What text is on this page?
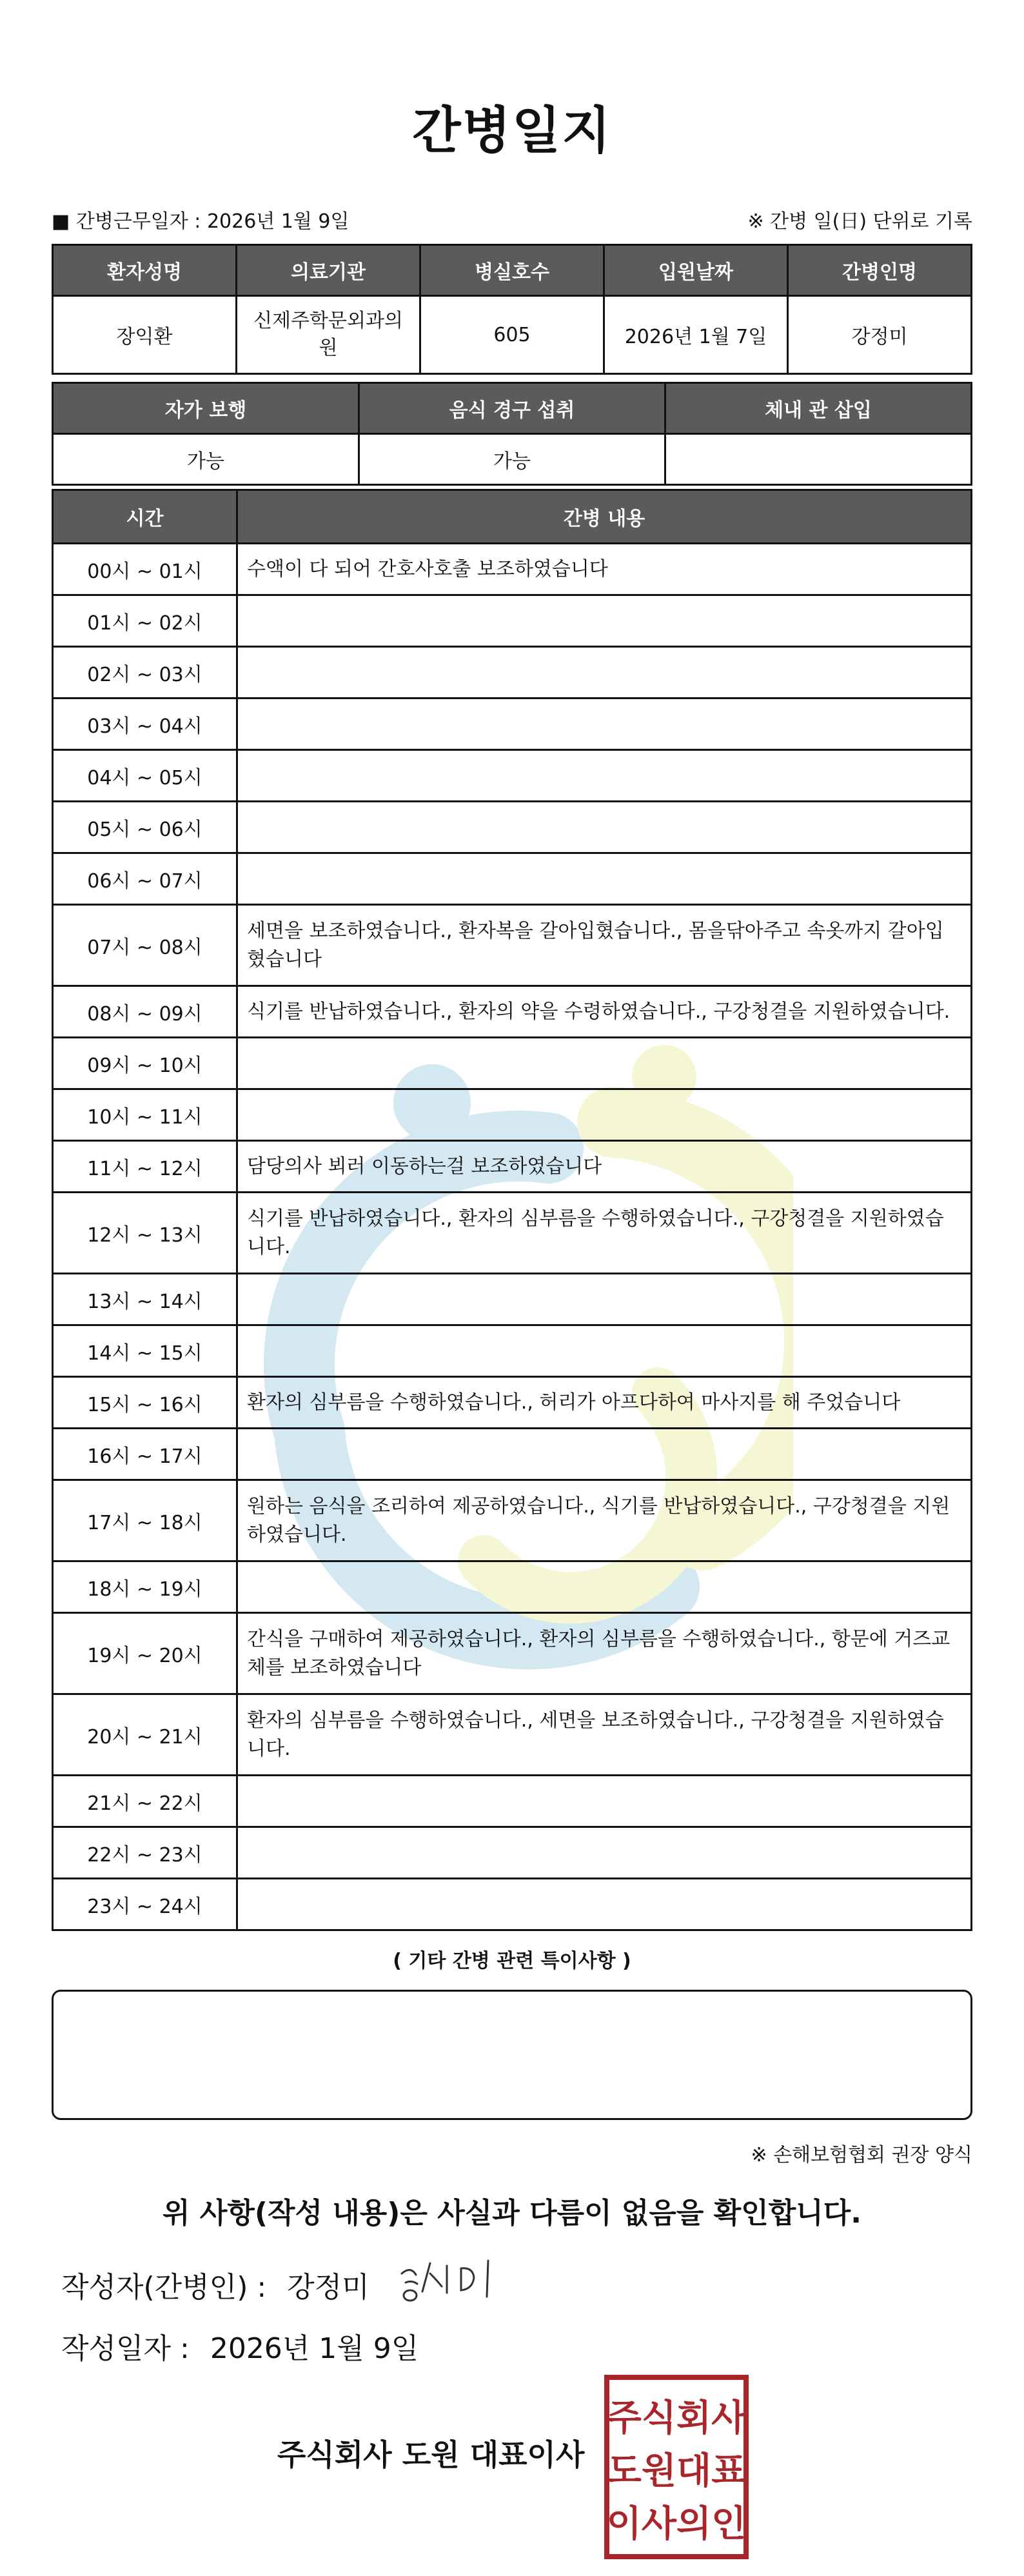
간병일지
■ 간병근무일자 : 2026년 1월 9일	※ 간병 일(日) 단위로 기록
환자성명	의료기관	병실호수	입원날짜	간병인명
장익환	신제주학문외과의원	605	2026년 1월 7일	강정미
자가 보행	음식 경구 섭취	체내 관 삽입
가능	가능	
시간	간병 내용
00시 ~ 01시	수액이 다 되어 간호사호출 보조하였습니다
01시 ~ 02시	
02시 ~ 03시	
03시 ~ 04시	
04시 ~ 05시	
05시 ~ 06시	
06시 ~ 07시	
07시 ~ 08시	세면을 보조하였습니다., 환자복을 갈아입혔습니다., 몸을닦아주고 속옷까지 갈아입혔습니다
08시 ~ 09시	식기를 반납하였습니다., 환자의 약을 수령하였습니다., 구강청결을 지원하였습니다.
09시 ~ 10시	
10시 ~ 11시	
11시 ~ 12시	담당의사 뵈러 이동하는걸 보조하였습니다
12시 ~ 13시	식기를 반납하였습니다., 환자의 심부름을 수행하였습니다., 구강청결을 지원하였습니다.
13시 ~ 14시	
14시 ~ 15시	
15시 ~ 16시	환자의 심부름을 수행하였습니다., 허리가 아프다하여 마사지를 해 주었습니다
16시 ~ 17시	
17시 ~ 18시	원하는 음식을 조리하여 제공하였습니다., 식기를 반납하였습니다., 구강청결을 지원하였습니다.
18시 ~ 19시	
19시 ~ 20시	간식을 구매하여 제공하였습니다., 환자의 심부름을 수행하였습니다., 항문에 거즈교체를 보조하였습니다
20시 ~ 21시	환자의 심부름을 수행하였습니다., 세면을 보조하였습니다., 구강청결을 지원하였습니다.
21시 ~ 22시	
22시 ~ 23시	
23시 ~ 24시	
( 기타 간병 관련 특이사항 )
※ 손해보험협회 권장 양식
위 사항(작성 내용)은 사실과 다름이 없음을 확인합니다.
작성자(간병인) : 강정미
작성일자 : 2026년 1월 9일
주식회사 도원 대표이사
주식회사
도원대표
이사의인
